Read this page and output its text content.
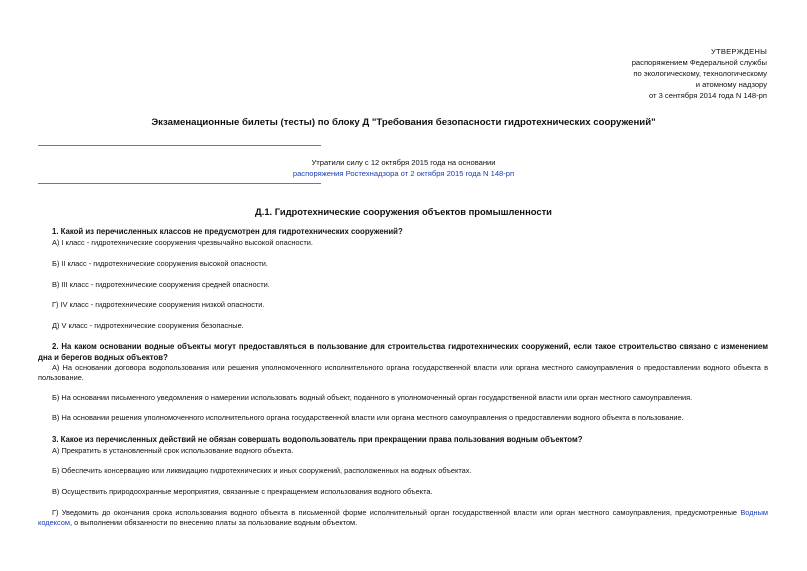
УТВЕРЖДЕНЫ
распоряжением Федеральной службы
по экологическому, технологическому
и атомному надзору
от 3 сентября 2014 года N 148-рп
Экзаменационные билеты (тесты) по блоку Д "Требования безопасности гидротехнических сооружений"
Утратили силу с 12 октября 2015 года на основании
распоряжения Ростехнадзора от 2 октября 2015 года N 148-рп
Д.1. Гидротехнические сооружения объектов промышленности
1. Какой из перечисленных классов не предусмотрен для гидротехнических сооружений?
А) I класс - гидротехнические сооружения чрезвычайно высокой опасности.
Б) II класс - гидротехнические сооружения высокой опасности.
В) III класс - гидротехнические сооружения средней опасности.
Г) IV класс - гидротехнические сооружения низкой опасности.
Д) V класс - гидротехнические сооружения безопасные.
2. На каком основании водные объекты могут предоставляться в пользование для строительства гидротехнических сооружений, если такое строительство связано с изменением дна и берегов водных объектов?
А) На основании договора водопользования или решения уполномоченного исполнительного органа государственной власти или органа местного самоуправления о предоставлении водного объекта в пользование.
Б) На основании письменного уведомления о намерении использовать водный объект, поданного в уполномоченный орган государственной власти или орган местного самоуправления.
В) На основании решения уполномоченного исполнительного органа государственной власти или органа местного самоуправления о предоставлении водного объекта в пользование.
3. Какое из перечисленных действий не обязан совершать водопользователь при прекращении права пользования водным объектом?
А) Прекратить в установленный срок использование водного объекта.
Б) Обеспечить консервацию или ликвидацию гидротехнических и иных сооружений, расположенных на водных объектах.
В) Осуществить природоохранные мероприятия, связанные с прекращением использования водного объекта.
Г) Уведомить до окончания срока использования водного объекта в письменной форме исполнительный орган государственной власти или орган местного самоуправления, предусмотренные Водным кодексом, о выполнении обязанности по внесению платы за пользование водным объектом.
